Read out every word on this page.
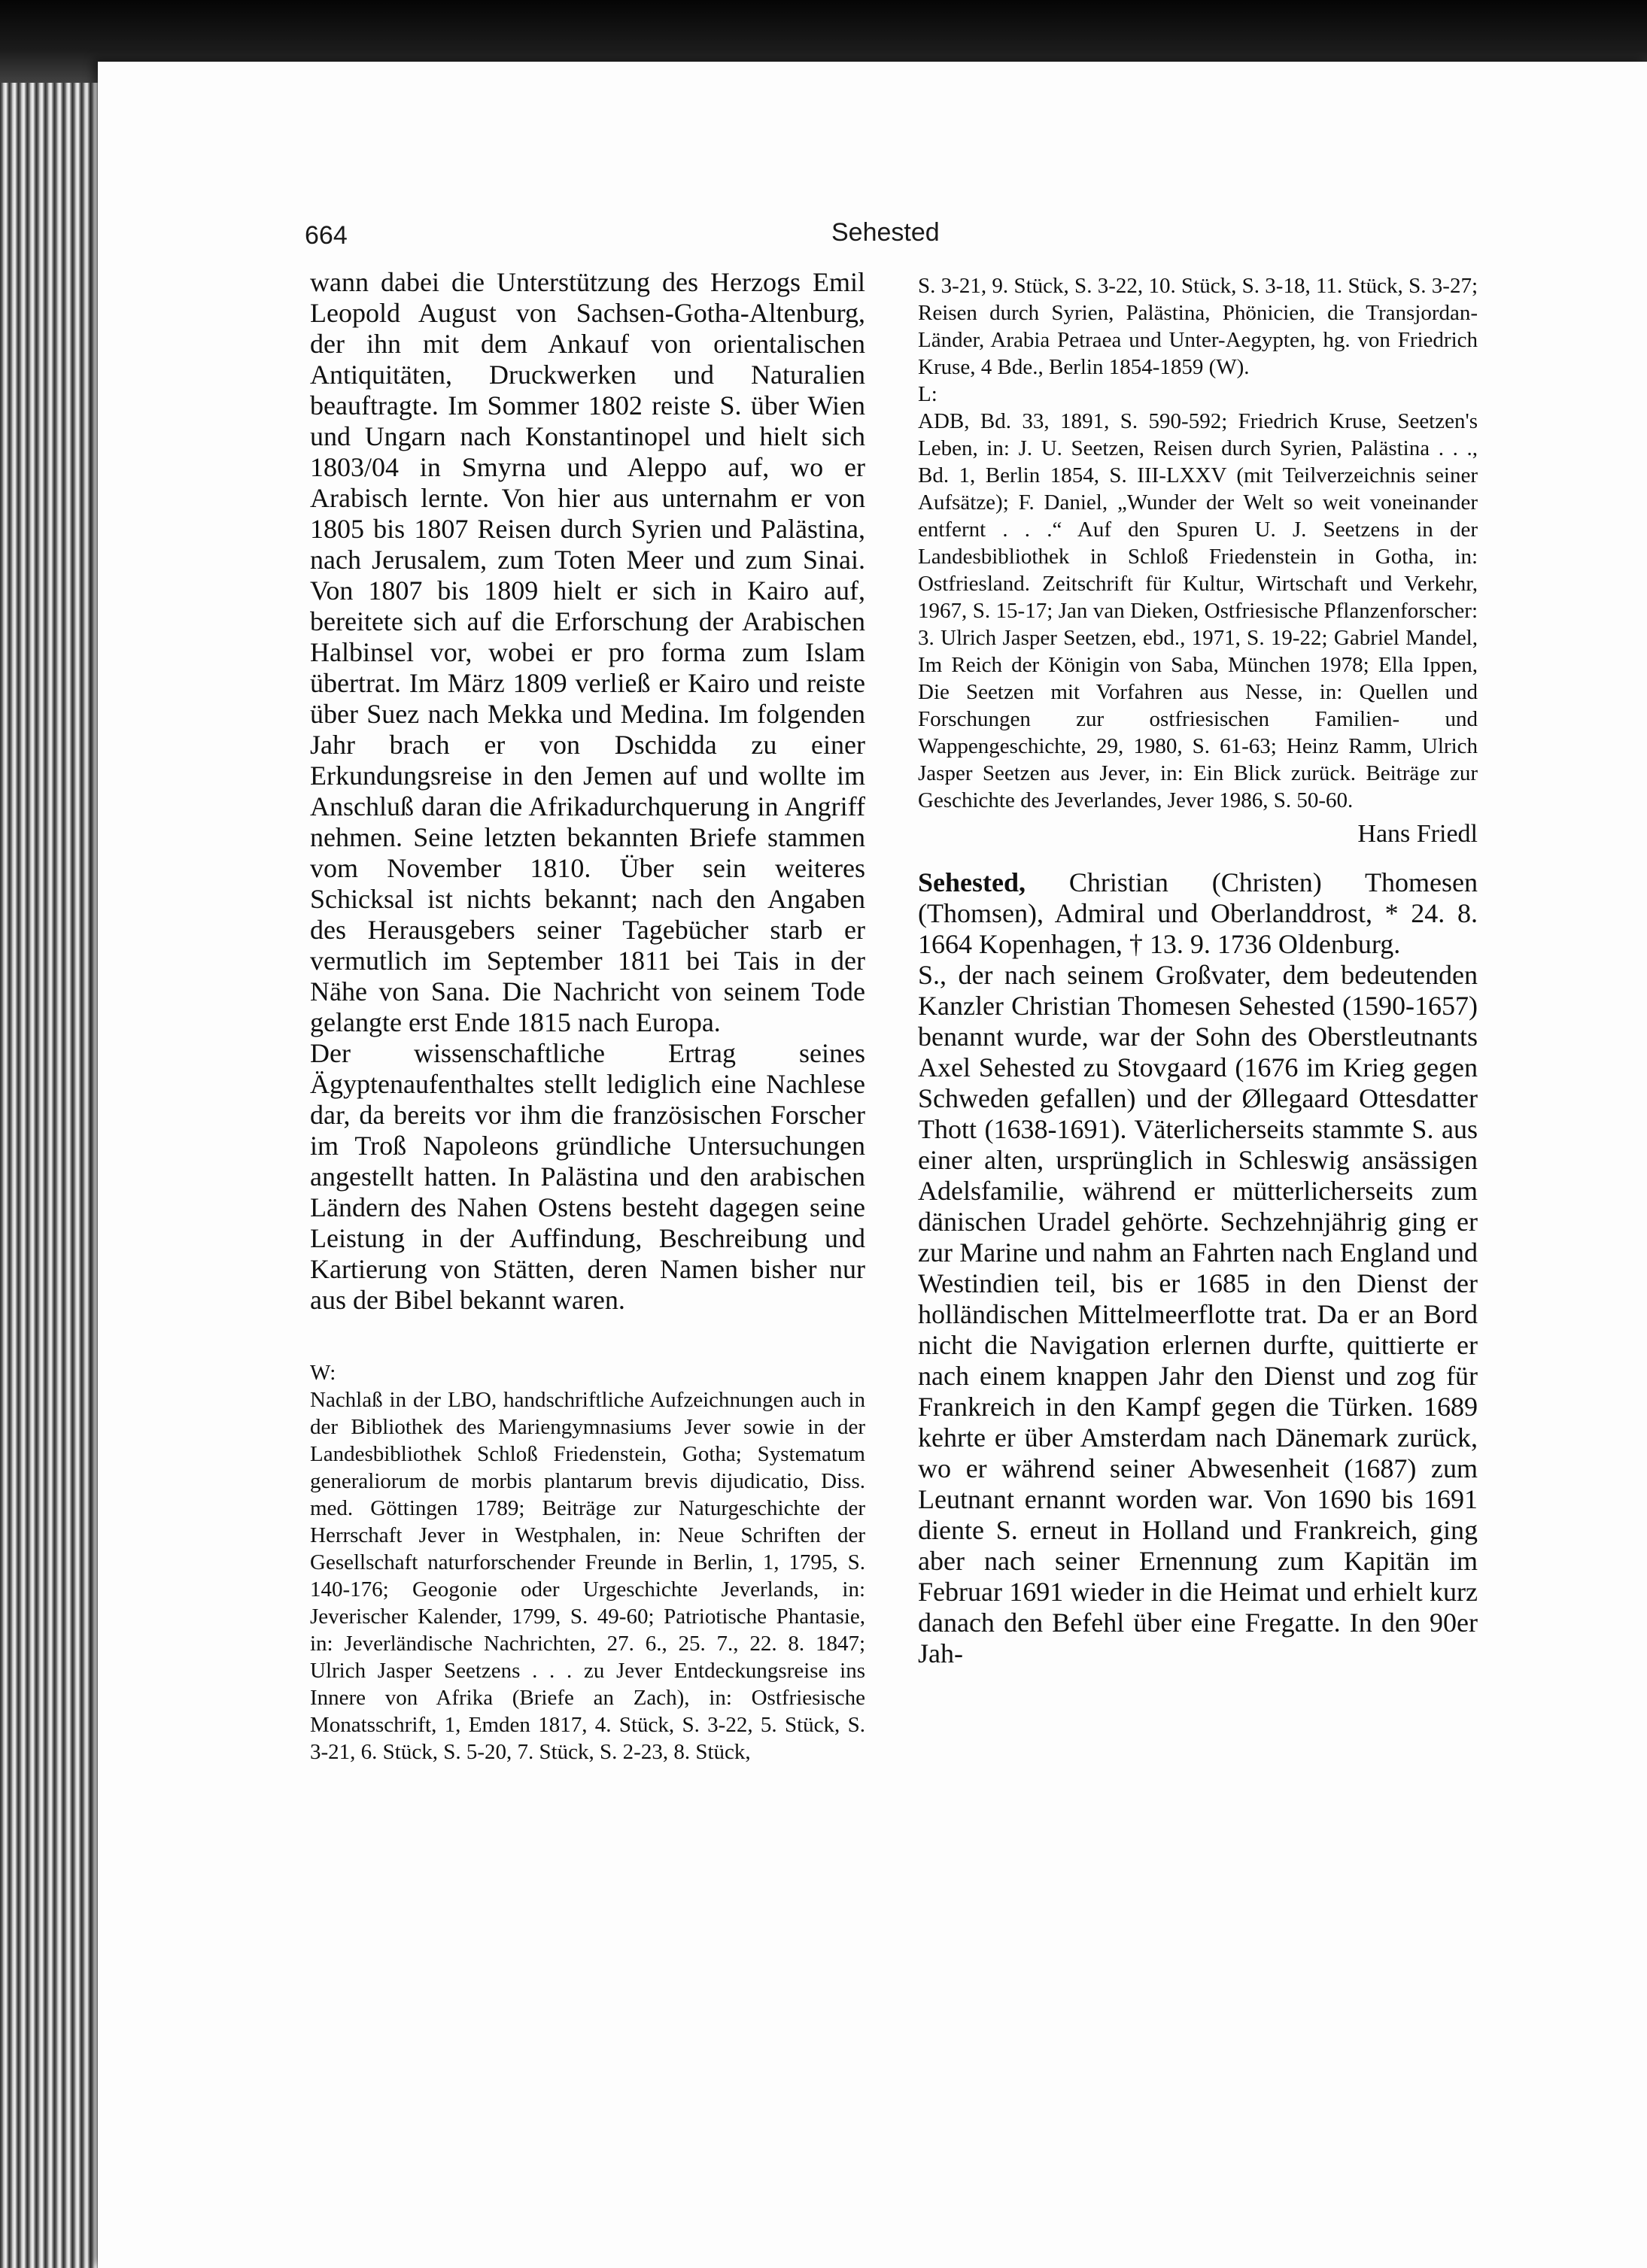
664	Sehested

wann dabei die Unterstützung des Herzogs Emil Leopold August von Sachsen-Gotha-Altenburg, der ihn mit dem Ankauf von orientalischen Antiquitäten, Druckwerken und Naturalien beauftragte. Im Sommer 1802 reiste S. über Wien und Ungarn nach Konstantinopel und hielt sich 1803/04 in Smyrna und Aleppo auf, wo er Arabisch lernte. Von hier aus unternahm er von 1805 bis 1807 Reisen durch Syrien und Palästina, nach Jerusalem, zum Toten Meer und zum Sinai. Von 1807 bis 1809 hielt er sich in Kairo auf, bereitete sich auf die Erforschung der Arabischen Halbinsel vor, wobei er pro forma zum Islam übertrat. Im März 1809 verließ er Kairo und reiste über Suez nach Mekka und Medina. Im folgenden Jahr brach er von Dschidda zu einer Erkundungsreise in den Jemen auf und wollte im Anschluß daran die Afrikadurchquerung in Angriff nehmen. Seine letzten bekannten Briefe stammen vom November 1810. Über sein weiteres Schicksal ist nichts bekannt; nach den Angaben des Herausgebers seiner Tagebücher starb er vermutlich im September 1811 bei Tais in der Nähe von Sana. Die Nachricht von seinem Tode gelangte erst Ende 1815 nach Europa.

Der wissenschaftliche Ertrag seines Ägyptenaufenthaltes stellt lediglich eine Nachlese dar, da bereits vor ihm die französischen Forscher im Troß Napoleons gründliche Untersuchungen angestellt hatten. In Palästina und den arabischen Ländern des Nahen Ostens besteht dagegen seine Leistung in der Auffindung, Beschreibung und Kartierung von Stätten, deren Namen bisher nur aus der Bibel bekannt waren.

W:

Nachlaß in der LBO, handschriftliche Aufzeichnungen auch in der Bibliothek des Mariengymnasiums Jever sowie in der Landesbibliothek Schloß Friedenstein, Gotha; Systematum generaliorum de morbis plantarum brevis dijudicatio, Diss. med. Göttingen 1789; Beiträge zur Naturgeschichte der Herrschaft Jever in Westphalen, in: Neue Schriften der Gesellschaft naturforschender Freunde in Berlin, 1, 1795, S. 140-176; Geogonie oder Urgeschichte Jeverlands, in: Jeverischer Kalender, 1799, S. 49-60; Patriotische Phantasie, in: Jeverländische Nachrichten, 27. 6., 25. 7., 22. 8. 1847; Ulrich Jasper Seetzens . . . zu Jever Entdeckungsreise ins Innere von Afrika (Briefe an Zach), in: Ostfriesische Monatsschrift, 1, Emden 1817, 4. Stück, S. 3-22, 5. Stück, S. 3-21, 6. Stück, S. 5-20, 7. Stück, S. 2-23, 8. Stück,

S. 3-21, 9. Stück, S. 3-22, 10. Stück, S. 3-18, 11. Stück, S. 3-27; Reisen durch Syrien, Palästina, Phönicien, die Transjordan-Länder, Arabia Petraea und Unter-Aegypten, hg. von Friedrich Kruse, 4 Bde., Berlin 1854-1859 (W).

L:

ADB, Bd. 33, 1891, S. 590-592; Friedrich Kruse, Seetzen's Leben, in: J. U. Seetzen, Reisen durch Syrien, Palästina . . ., Bd. 1, Berlin 1854, S. III-LXXV (mit Teilverzeichnis seiner Aufsätze); F. Daniel, „Wunder der Welt so weit voneinander entfernt . . .“ Auf den Spuren U. J. Seetzens in der Landesbibliothek in Schloß Friedenstein in Gotha, in: Ostfriesland. Zeitschrift für Kultur, Wirtschaft und Verkehr, 1967, S. 15-17; Jan van Dieken, Ostfriesische Pflanzenforscher: 3. Ulrich Jasper Seetzen, ebd., 1971, S. 19-22; Gabriel Mandel, Im Reich der Königin von Saba, München 1978; Ella Ippen, Die Seetzen mit Vorfahren aus Nesse, in: Quellen und Forschungen zur ostfriesischen Familien- und Wappengeschichte, 29, 1980, S. 61-63; Heinz Ramm, Ulrich Jasper Seetzen aus Jever, in: Ein Blick zurück. Beiträge zur Geschichte des Jeverlandes, Jever 1986, S. 50-60.

Hans Friedl

Sehested, Christian (Christen) Thomesen (Thomsen), Admiral und Oberlanddrost, * 24. 8. 1664 Kopenhagen, † 13. 9. 1736 Oldenburg.

S., der nach seinem Großvater, dem bedeutenden Kanzler Christian Thomesen Sehested (1590-1657) benannt wurde, war der Sohn des Oberstleutnants Axel Sehested zu Stovgaard (1676 im Krieg gegen Schweden gefallen) und der Øllegaard Ottesdatter Thott (1638-1691). Väterlicherseits stammte S. aus einer alten, ursprünglich in Schleswig ansässigen Adelsfamilie, während er mütterlicherseits zum dänischen Uradel gehörte. Sechzehnjährig ging er zur Marine und nahm an Fahrten nach England und Westindien teil, bis er 1685 in den Dienst der holländischen Mittelmeerflotte trat. Da er an Bord nicht die Navigation erlernen durfte, quittierte er nach einem knappen Jahr den Dienst und zog für Frankreich in den Kampf gegen die Türken. 1689 kehrte er über Amsterdam nach Dänemark zurück, wo er während seiner Abwesenheit (1687) zum Leutnant ernannt worden war. Von 1690 bis 1691 diente S. erneut in Holland und Frankreich, ging aber nach seiner Ernennung zum Kapitän im Februar 1691 wieder in die Heimat und erhielt kurz danach den Befehl über eine Fregatte. In den 90er Jah-
